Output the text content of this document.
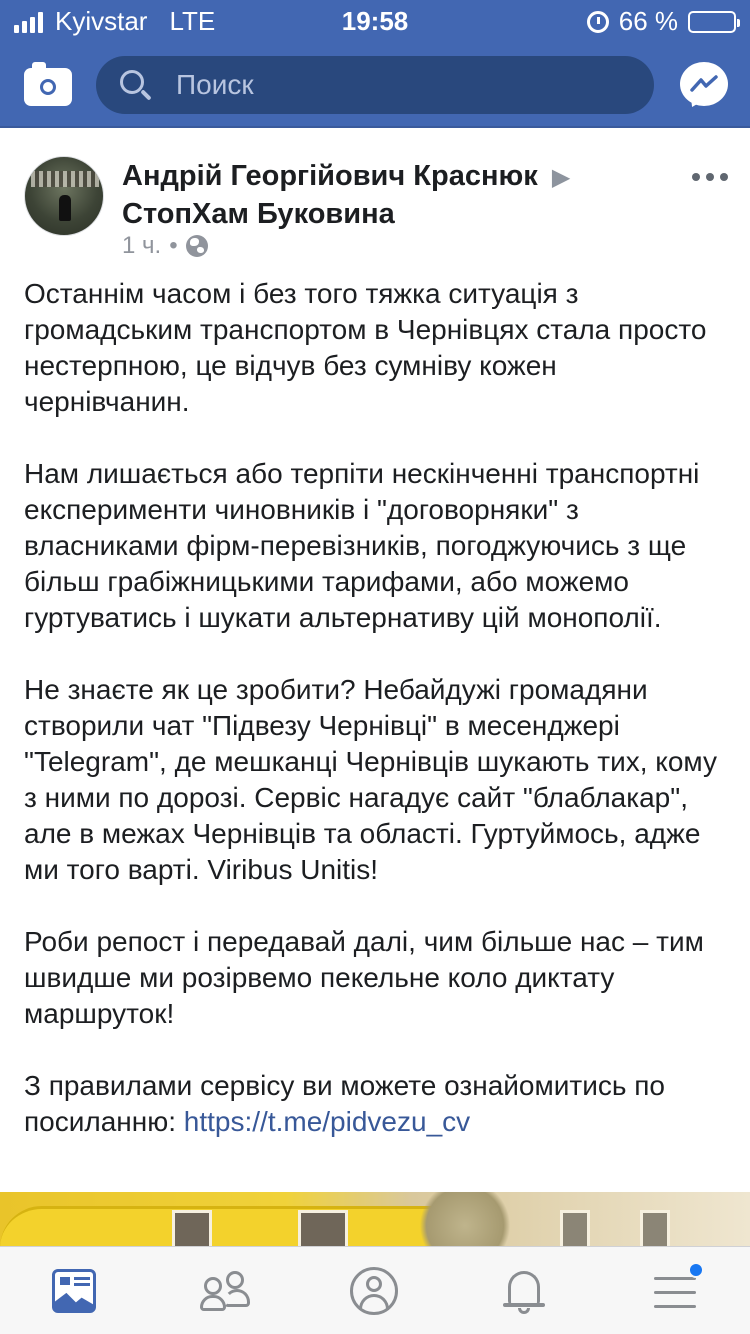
Kyivstar LTE	19:58	66 %
Поиск
Андрій Георгійович Краснюк ▶
СтопХам Буковина
1 ч. •

Останнім часом і без того тяжка ситуація з громадським транспортом в Чернівцях стала просто нестерпною, це відчув без сумніву кожен чернівчанин.

Нам лишається або терпіти нескінченні транспортні експерименти чиновників і "договорняки" з власниками фірм-перевізників, погоджуючись з ще більш грабіжницькими тарифами, або можемо гуртуватись і шукати альтернативу цій монополії.

Не знаєте як це зробити? Небайдужі громадяни створили чат "Підвезу Чернівці" в месенджері "Telegram", де мешканці Чернівців шукають тих, кому з ними по дорозі. Сервіс нагадує сайт "блаблакар", але в межах Чернівців та області. Гуртуймось, адже ми того варті. Viribus Unitis!

Роби репост і передавай далі, чим більше нас – тим швидше ми розірвемо пекельне коло диктату маршруток!

З правилами сервісу ви можете ознайомитись по посиланню: https://t.me/pidvezu_cv
